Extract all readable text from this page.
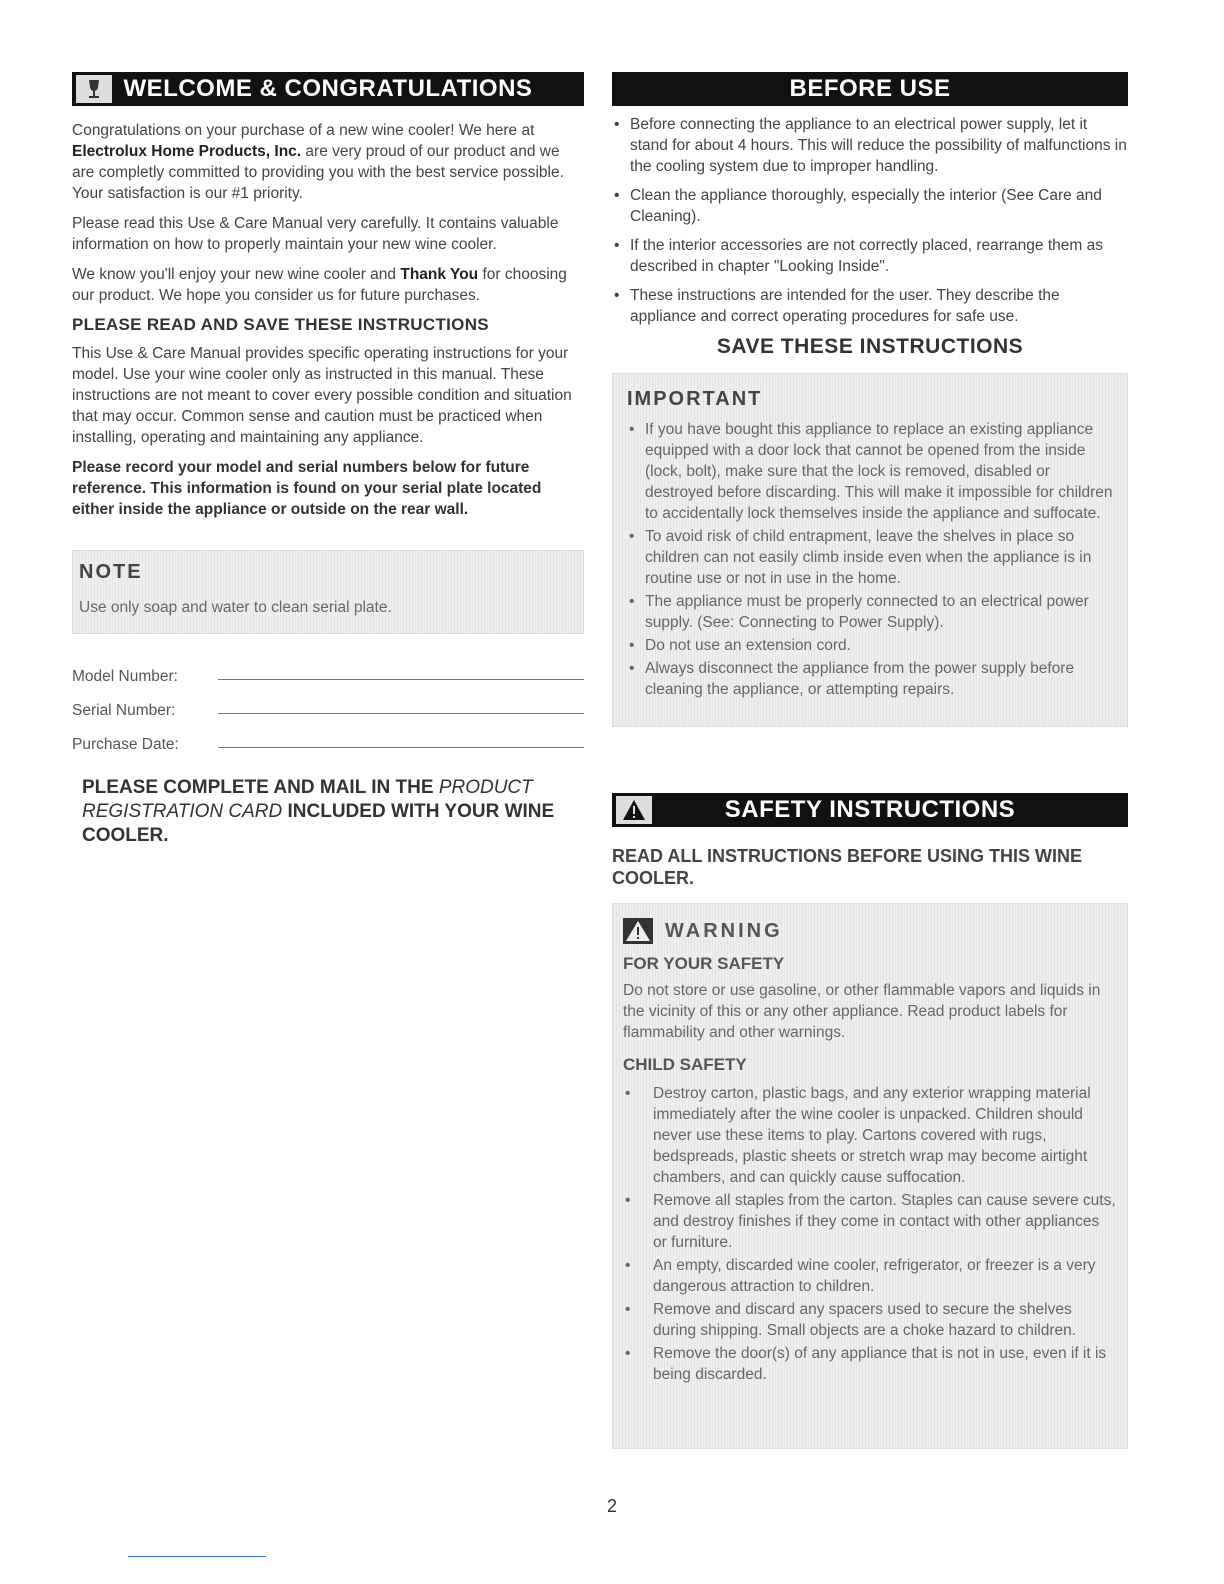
WELCOME & CONGRATULATIONS

Congratulations on your purchase of a new wine cooler! We here at Electrolux Home Products, Inc. are very proud of our product and we are completly committed to providing you with the best service possible. Your satisfaction is our #1 priority.

Please read this Use & Care Manual very carefully. It contains valuable information on how to properly maintain your new wine cooler.

We know you'll enjoy your new wine cooler and Thank You for choosing our product. We hope you consider us for future purchases.

PLEASE READ AND SAVE THESE INSTRUCTIONS

This Use & Care Manual provides specific operating instructions for your model. Use your wine cooler only as instructed in this manual. These instructions are not meant to cover every possible condition and situation that may occur. Common sense and caution must be practiced when installing, operating and maintaining any appliance.

Please record your model and serial numbers below for future reference. This information is found on your serial plate located either inside the appliance or outside on the rear wall.

NOTE
Use only soap and water to clean serial plate.
Model Number:
Serial Number:
Purchase Date:
PLEASE COMPLETE AND MAIL IN THE PRODUCT REGISTRATION CARD INCLUDED WITH YOUR WINE COOLER.
BEFORE USE
• Before connecting the appliance to an electrical power supply, let it stand for about 4 hours. This will reduce the possibility of malfunctions in the cooling system due to improper handling.
• Clean the appliance thoroughly, especially the interior (See Care and Cleaning).
• If the interior accessories are not correctly placed, rearrange them as described in chapter "Looking Inside".
• These instructions are intended for the user. They describe the appliance and correct operating procedures for safe use.
SAVE THESE INSTRUCTIONS
IMPORTANT
• If you have bought this appliance to replace an existing appliance equipped with a door lock that cannot be opened from the inside (lock, bolt), make sure that the lock is removed, disabled or destroyed before discarding. This will make it impossible for children to accidentally lock themselves inside the appliance and suffocate.
• To avoid risk of child entrapment, leave the shelves in place so children can not easily climb inside even when the appliance is in routine use or not in use in the home.
• The appliance must be properly connected to an electrical power supply. (See: Connecting to Power Supply).
• Do not use an extension cord.
• Always disconnect the appliance from the power supply before cleaning the appliance, or attempting repairs.
SAFETY INSTRUCTIONS
READ ALL INSTRUCTIONS BEFORE USING THIS WINE COOLER.
WARNING
FOR YOUR SAFETY

Do not store or use gasoline, or other flammable vapors and liquids in the vicinity of this or any other appliance. Read product labels for flammability and other warnings.

CHILD SAFETY
• Destroy carton, plastic bags, and any exterior wrapping material immediately after the wine cooler is unpacked. Children should never use these items to play. Cartons covered with rugs, bedspreads, plastic sheets or stretch wrap may become airtight chambers, and can quickly cause suffocation.
• Remove all staples from the carton. Staples can cause severe cuts, and destroy finishes if they come in contact with other appliances or furniture.
• An empty, discarded wine cooler, refrigerator, or freezer is a very dangerous attraction to children.
• Remove and discard any spacers used to secure the shelves during shipping. Small objects are a choke hazard to children.
• Remove the door(s) of any appliance that is not in use, even if it is being discarded.
2
